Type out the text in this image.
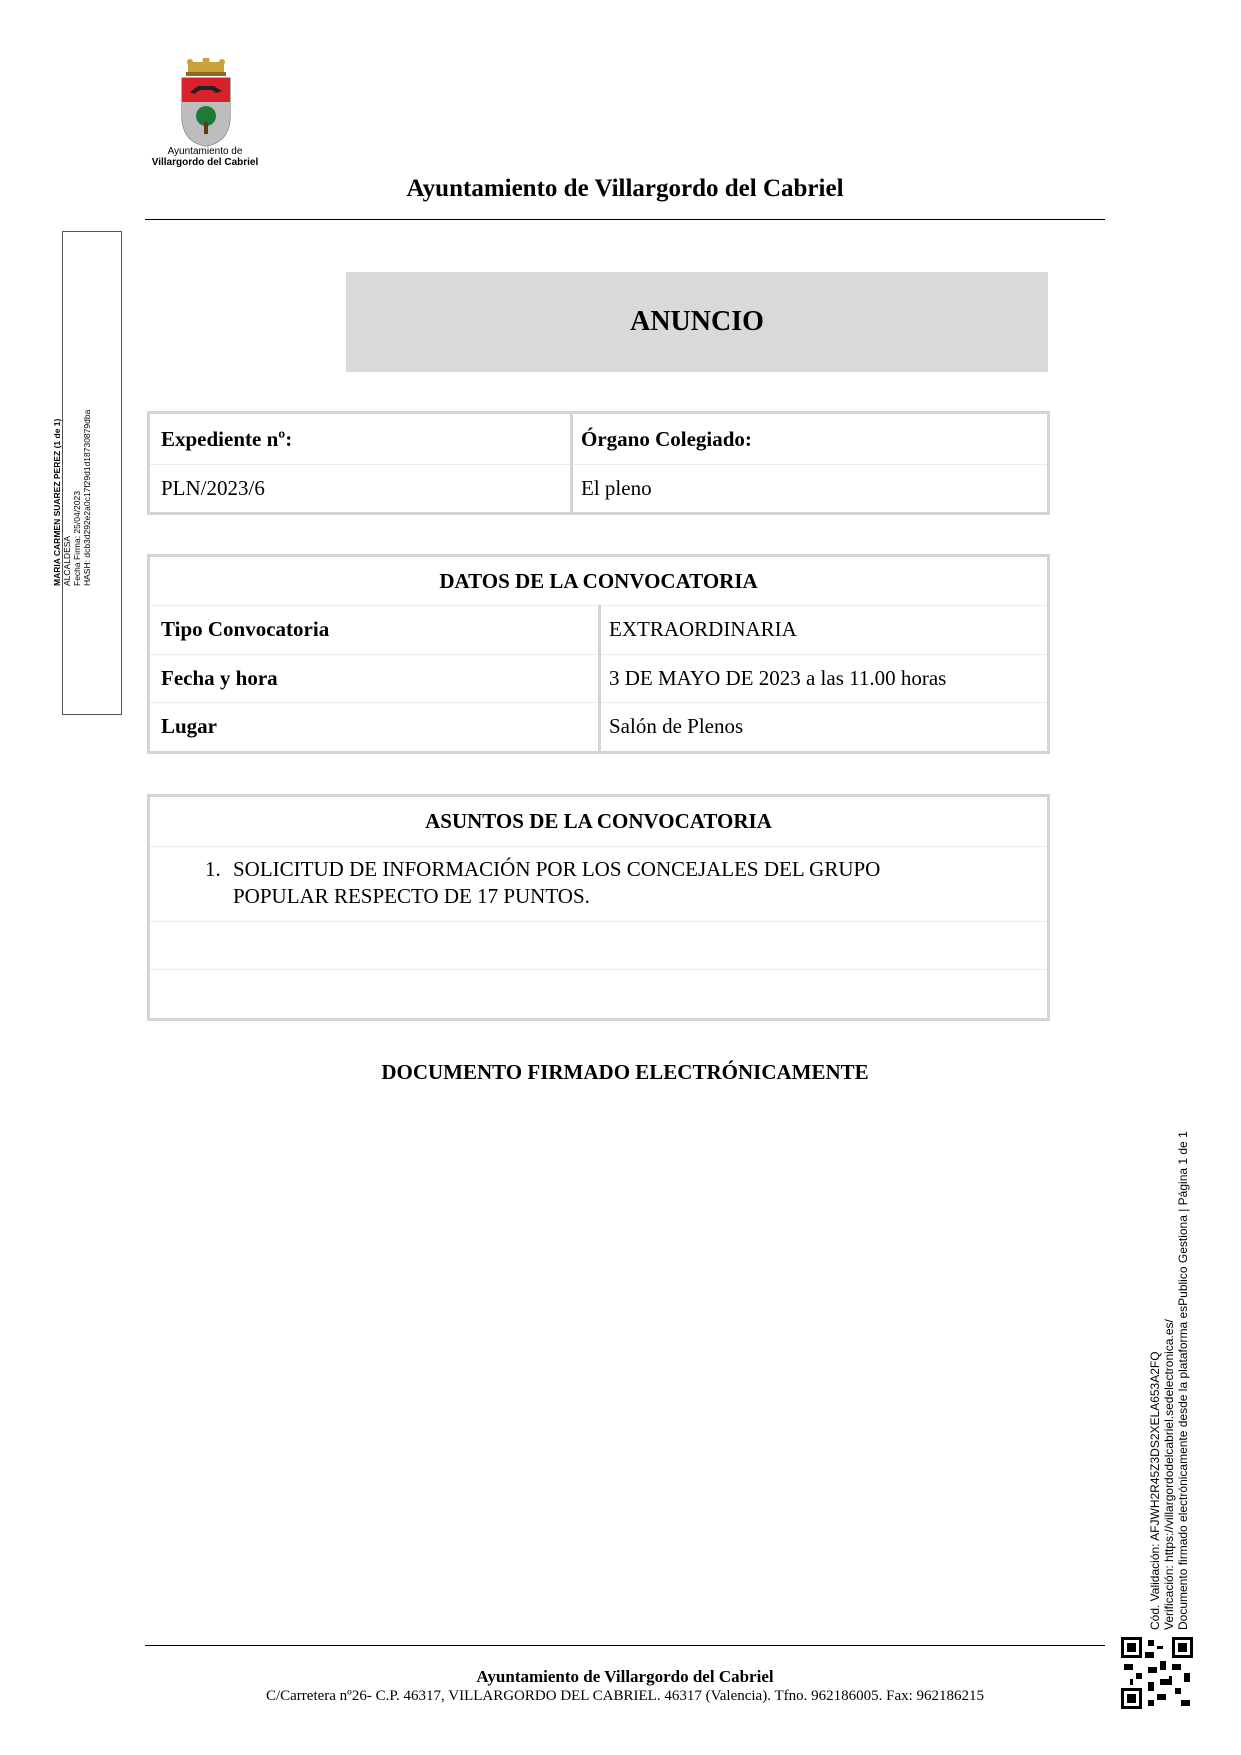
Ayuntamiento de
Villargordo del Cabriel
Ayuntamiento de Villargordo del Cabriel
MARIA CARMEN SUAREZ PEREZ (1 de 1) ALCALDESA Fecha Firma: 25/04/2023 HASH: dcb3d292e2a0c17f29d1d18730879dba
ANUNCIO
Expediente nº:	Órgano Colegiado:
PLN/2023/6	El pleno
DATOS DE LA CONVOCATORIA
Tipo Convocatoria	EXTRAORDINARIA
Fecha y hora	3 DE MAYO DE 2023 a las 11.00 horas
Lugar	Salón de Plenos
ASUNTOS DE LA CONVOCATORIA
1. SOLICITUD DE INFORMACIÓN POR LOS CONCEJALES DEL GRUPO POPULAR RESPECTO DE 17 PUNTOS.
DOCUMENTO FIRMADO ELECTRÓNICAMENTE
Cód. Validación: AFJWH2R45Z3DS2XELA653A2FQ Verificación: https://villargordodelcabriel.sedelectronica.es/ Documento firmado electrónicamente desde la plataforma esPublico Gestiona | Página 1 de 1
Ayuntamiento de Villargordo del Cabriel
C/Carretera nº26- C.P. 46317, VILLARGORDO DEL CABRIEL. 46317 (Valencia). Tfno. 962186005. Fax: 962186215
